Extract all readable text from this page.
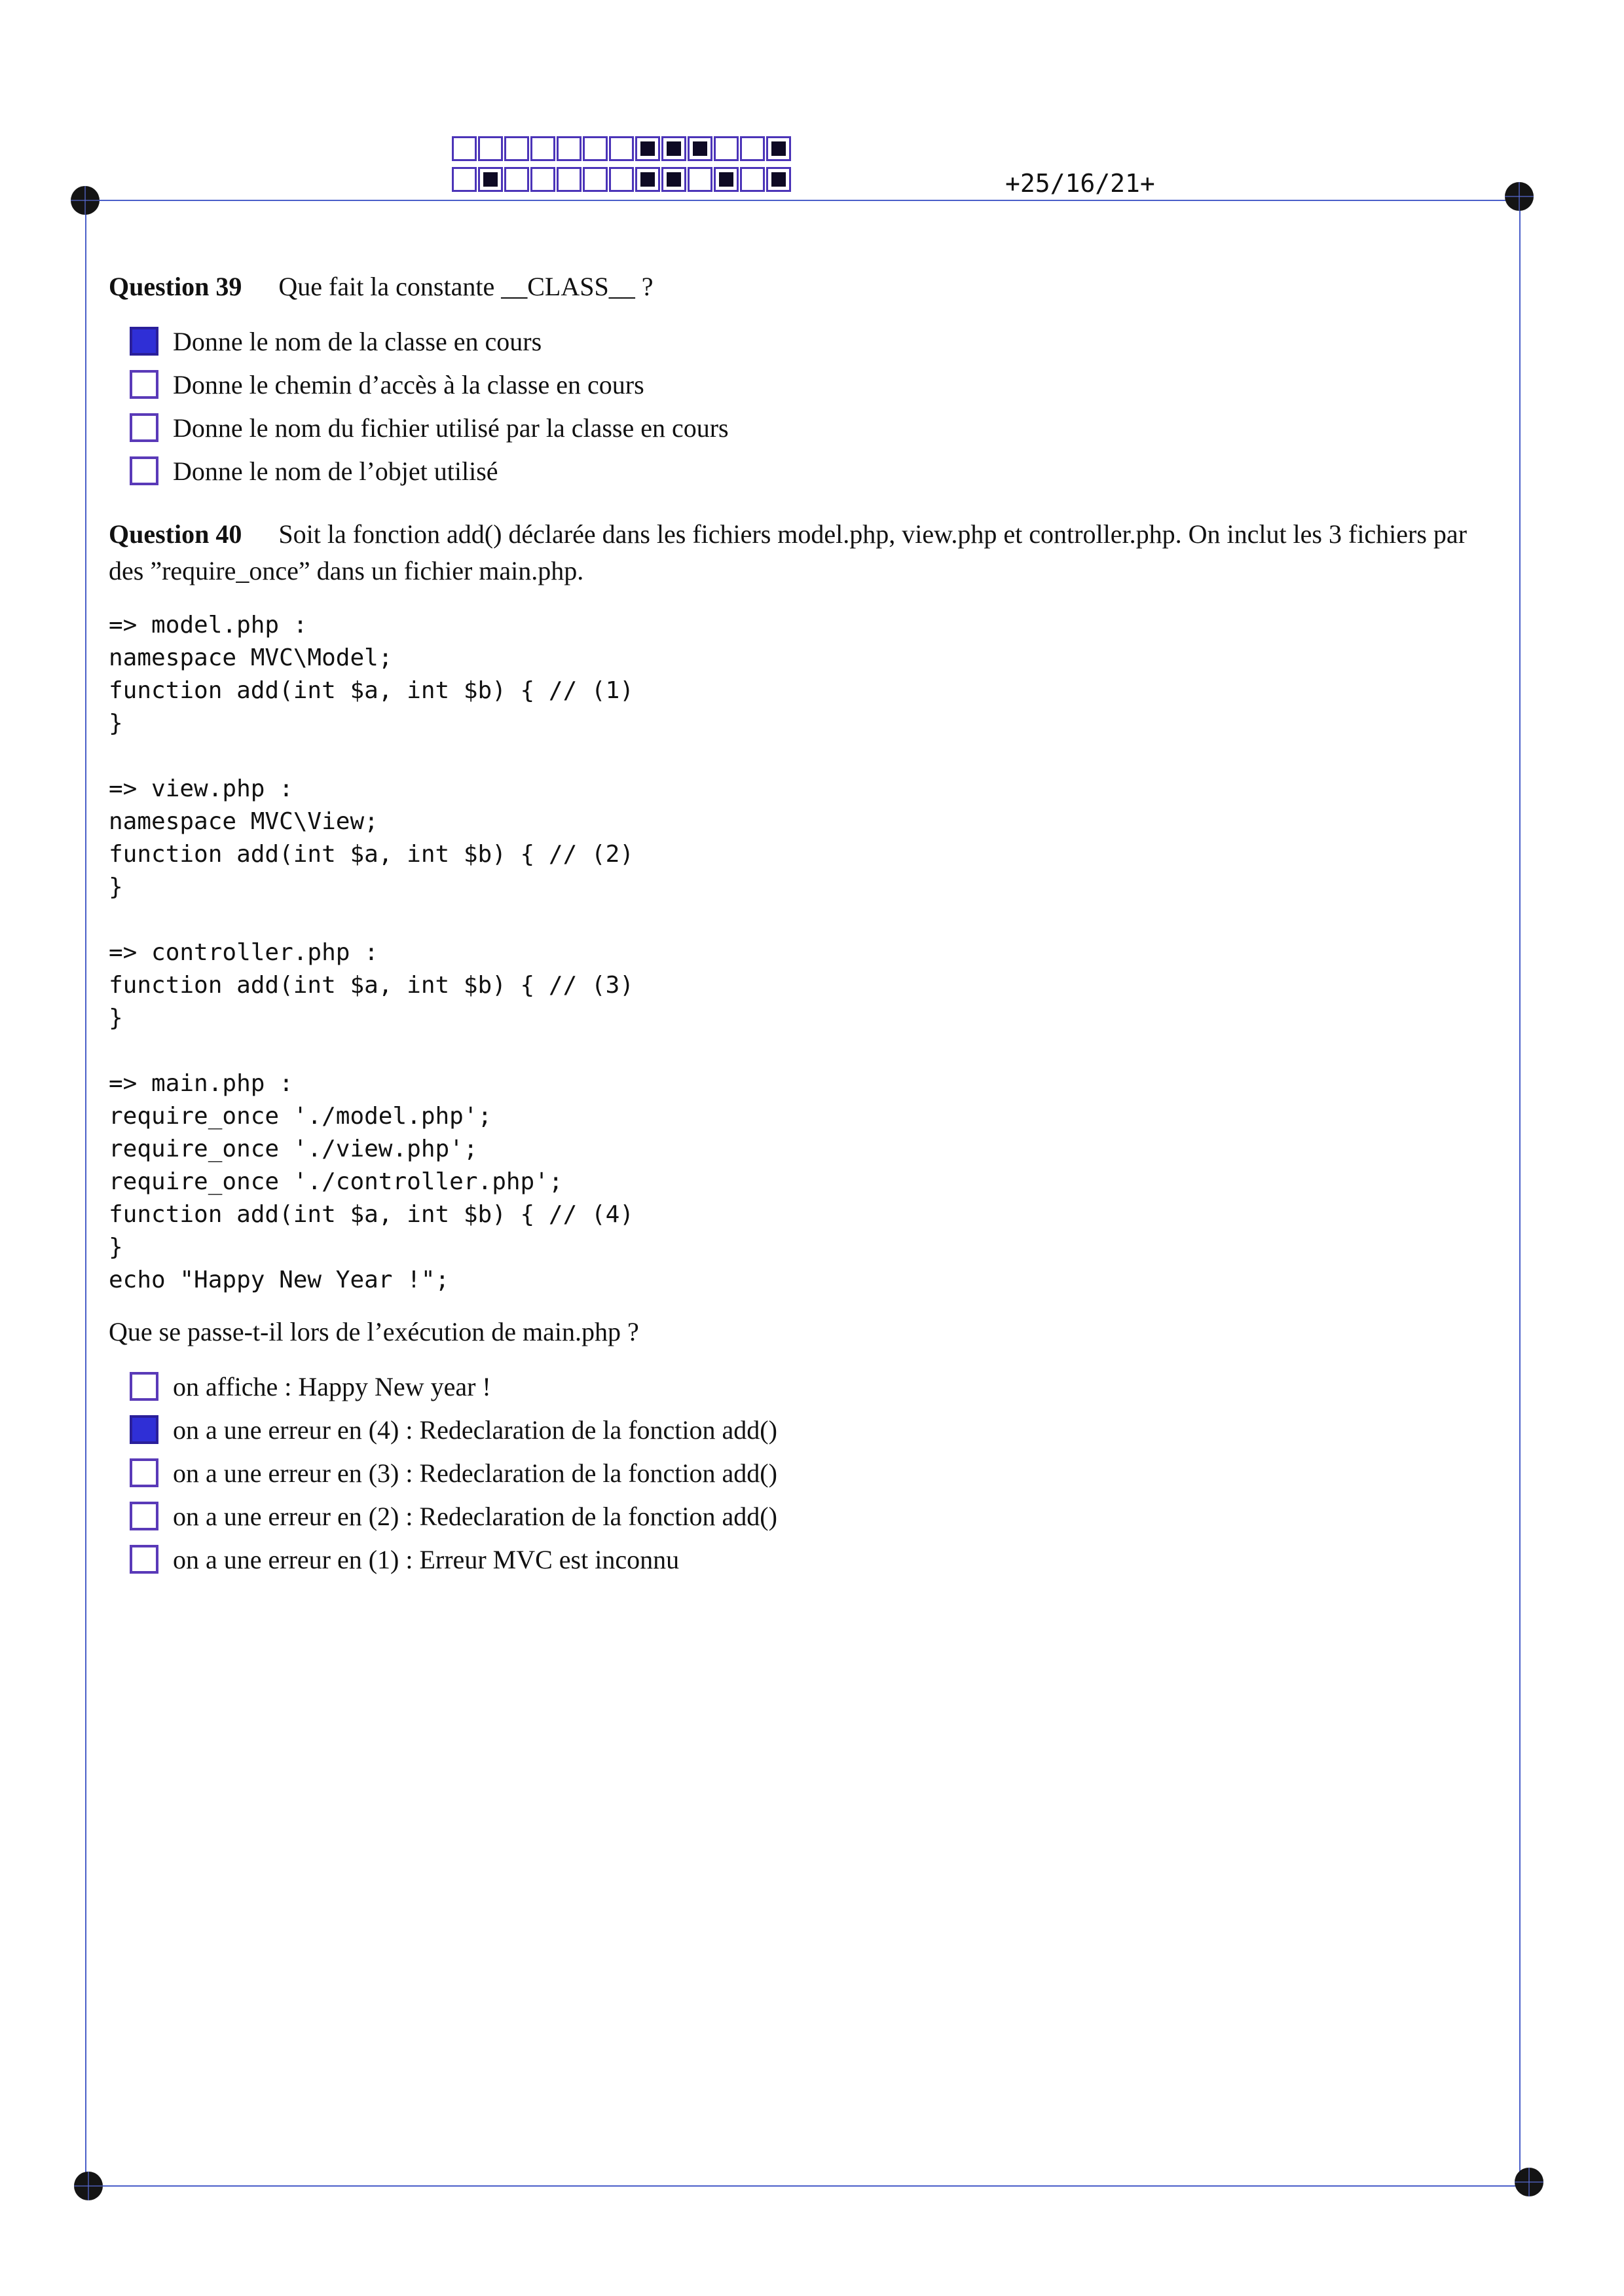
+25/16/21+
Question 39 Que fait la constante __CLASS__ ?
Donne le nom de la classe en cours
Donne le chemin d’accès à la classe en cours
Donne le nom du fichier utilisé par la classe en cours
Donne le nom de l’objet utilisé
Question 40 Soit la fonction add() déclarée dans les fichiers model.php, view.php et controller.php. On inclut les 3 fichiers par des ”require_once” dans un fichier main.php.
=> model.php :
namespace MVC\Model;
function add(int $a, int $b) { // (1)
}

=> view.php :
namespace MVC\View;
function add(int $a, int $b) { // (2)
}

=> controller.php :
function add(int $a, int $b) { // (3)
}

=> main.php :
require_once './model.php';
require_once './view.php';
require_once './controller.php';
function add(int $a, int $b) { // (4)
}
echo "Happy New Year !";

Que se passe-t-il lors de l’exécution de main.php ?
on affiche : Happy New year !
on a une erreur en (4) : Redeclaration de la fonction add()
on a une erreur en (3) : Redeclaration de la fonction add()
on a une erreur en (2) : Redeclaration de la fonction add()
on a une erreur en (1) : Erreur MVC est inconnu
